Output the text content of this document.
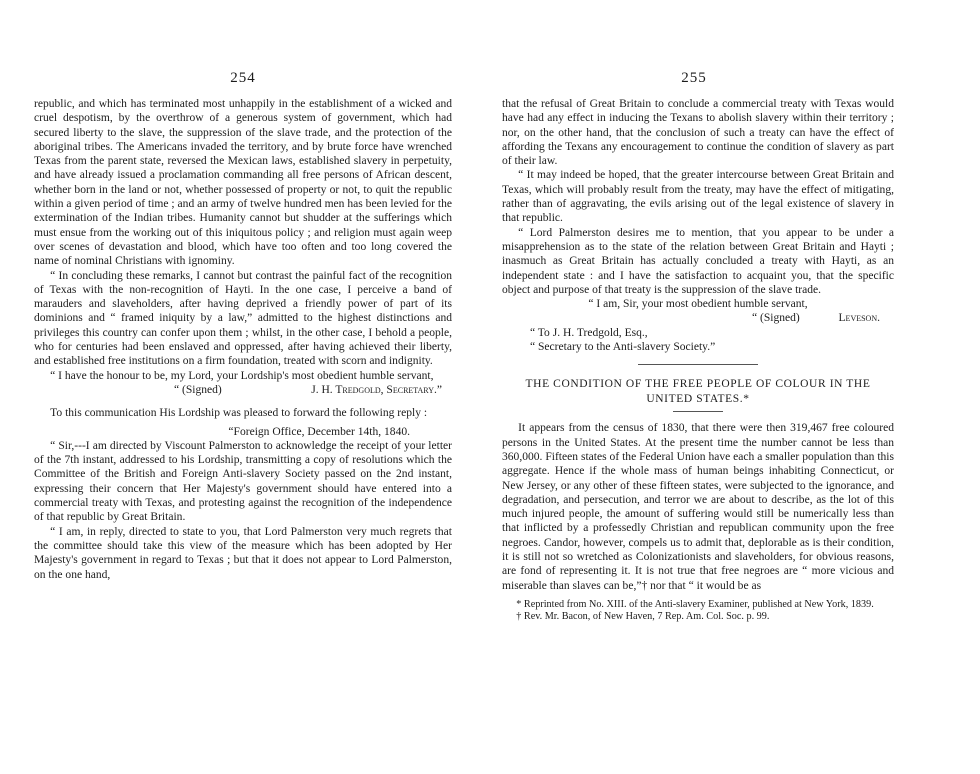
254

republic, and which has terminated most unhappily in the establishment of a wicked and cruel despotism, by the overthrow of a generous system of government, which had secured liberty to the slave, the suppression of the slave trade, and the protection of the aboriginal tribes. The Americans invaded the territory, and by brute force have wrenched Texas from the parent state, reversed the Mexican laws, established slavery in perpetuity, and have already issued a proclamation commanding all free persons of African descent, whether born in the land or not, whether possessed of property or not, to quit the republic within a given period of time ; and an army of twelve hundred men has been levied for the extermination of the Indian tribes. Humanity cannot but shudder at the sufferings which must ensue from the working out of this iniquitous policy ; and religion must again weep over scenes of devastation and blood, which have too often and too long covered the name of nominal Christians with ignominy.

“ In concluding these remarks, I cannot but contrast the painful fact of the recognition of Texas with the non-recognition of Hayti. In the one case, I perceive a band of marauders and slaveholders, after having deprived a friendly power of part of its dominions and “ framed iniquity by a law,” admitted to the highest distinctions and privileges this country can confer upon them ; whilst, in the other case, I behold a people, who for centuries had been enslaved and oppressed, after having achieved their liberty, and established free institutions on a firm foundation, treated with scorn and indignity.

“ I have the honour to be, my Lord, your Lordship's most obedient humble servant,

“ (Signed)	J. H. Tredgold, Secretary.”

To this communication His Lordship was pleased to forward the following reply :

“Foreign Office, December 14th, 1840.

“ Sir,---I am directed by Viscount Palmerston to acknowledge the receipt of your letter of the 7th instant, addressed to his Lordship, transmitting a copy of resolutions which the Committee of the British and Foreign Anti-slavery Society passed on the 2nd instant, expressing their concern that Her Majesty's government should have entered into a commercial treaty with Texas, and protesting against the recognition of the independence of that republic by Great Britain.

“ I am, in reply, directed to state to you, that Lord Palmerston very much regrets that the committee should take this view of the measure which has been adopted by Her Majesty's government in regard to Texas ; but that it does not appear to Lord Palmerston, on the one hand,

255

that the refusal of Great Britain to conclude a commercial treaty with Texas would have had any effect in inducing the Texans to abolish slavery within their territory ; nor, on the other hand, that the conclusion of such a treaty can have the effect of affording the Texans any encouragement to continue the condition of slavery as part of their law.

“ It may indeed be hoped, that the greater intercourse between Great Britain and Texas, which will probably result from the treaty, may have the effect of mitigating, rather than of aggravating, the evils arising out of the legal existence of slavery in that republic.

“ Lord Palmerston desires me to mention, that you appear to be under a misapprehension as to the state of the relation between Great Britain and Hayti ; inasmuch as Great Britain has actually concluded a treaty with Hayti, as an independent state : and I have the satisfaction to acquaint you, that the specific object and purpose of that treaty is the suppression of the slave trade.

“ I am, Sir, your most obedient humble servant,

“ (Signed)	Leveson.

“ To J. H. Tredgold, Esq.,

“ Secretary to the Anti-slavery Society.”

THE CONDITION OF THE FREE PEOPLE OF COLOUR IN THE
UNITED STATES.*

It appears from the census of 1830, that there were then 319,467 free coloured persons in the United States. At the present time the number cannot be less than 360,000. Fifteen states of the Federal Union have each a smaller population than this aggregate. Hence if the whole mass of human beings inhabiting Connecticut, or New Jersey, or any other of these fifteen states, were subjected to the ignorance, and degradation, and persecution, and terror we are about to describe, as the lot of this much injured people, the amount of suffering would still be numerically less than that inflicted by a professedly Christian and republican community upon the free negroes. Candor, however, compels us to admit that, deplorable as is their condition, it is still not so wretched as Colonizationists and slaveholders, for obvious reasons, are fond of representing it. It is not true that free negroes are “ more vicious and miserable than slaves can be,”† nor that “ it would be as

* Reprinted from No. XIII. of the Anti-slavery Examiner, published at New York, 1839.

† Rev. Mr. Bacon, of New Haven, 7 Rep. Am. Col. Soc. p. 99.
